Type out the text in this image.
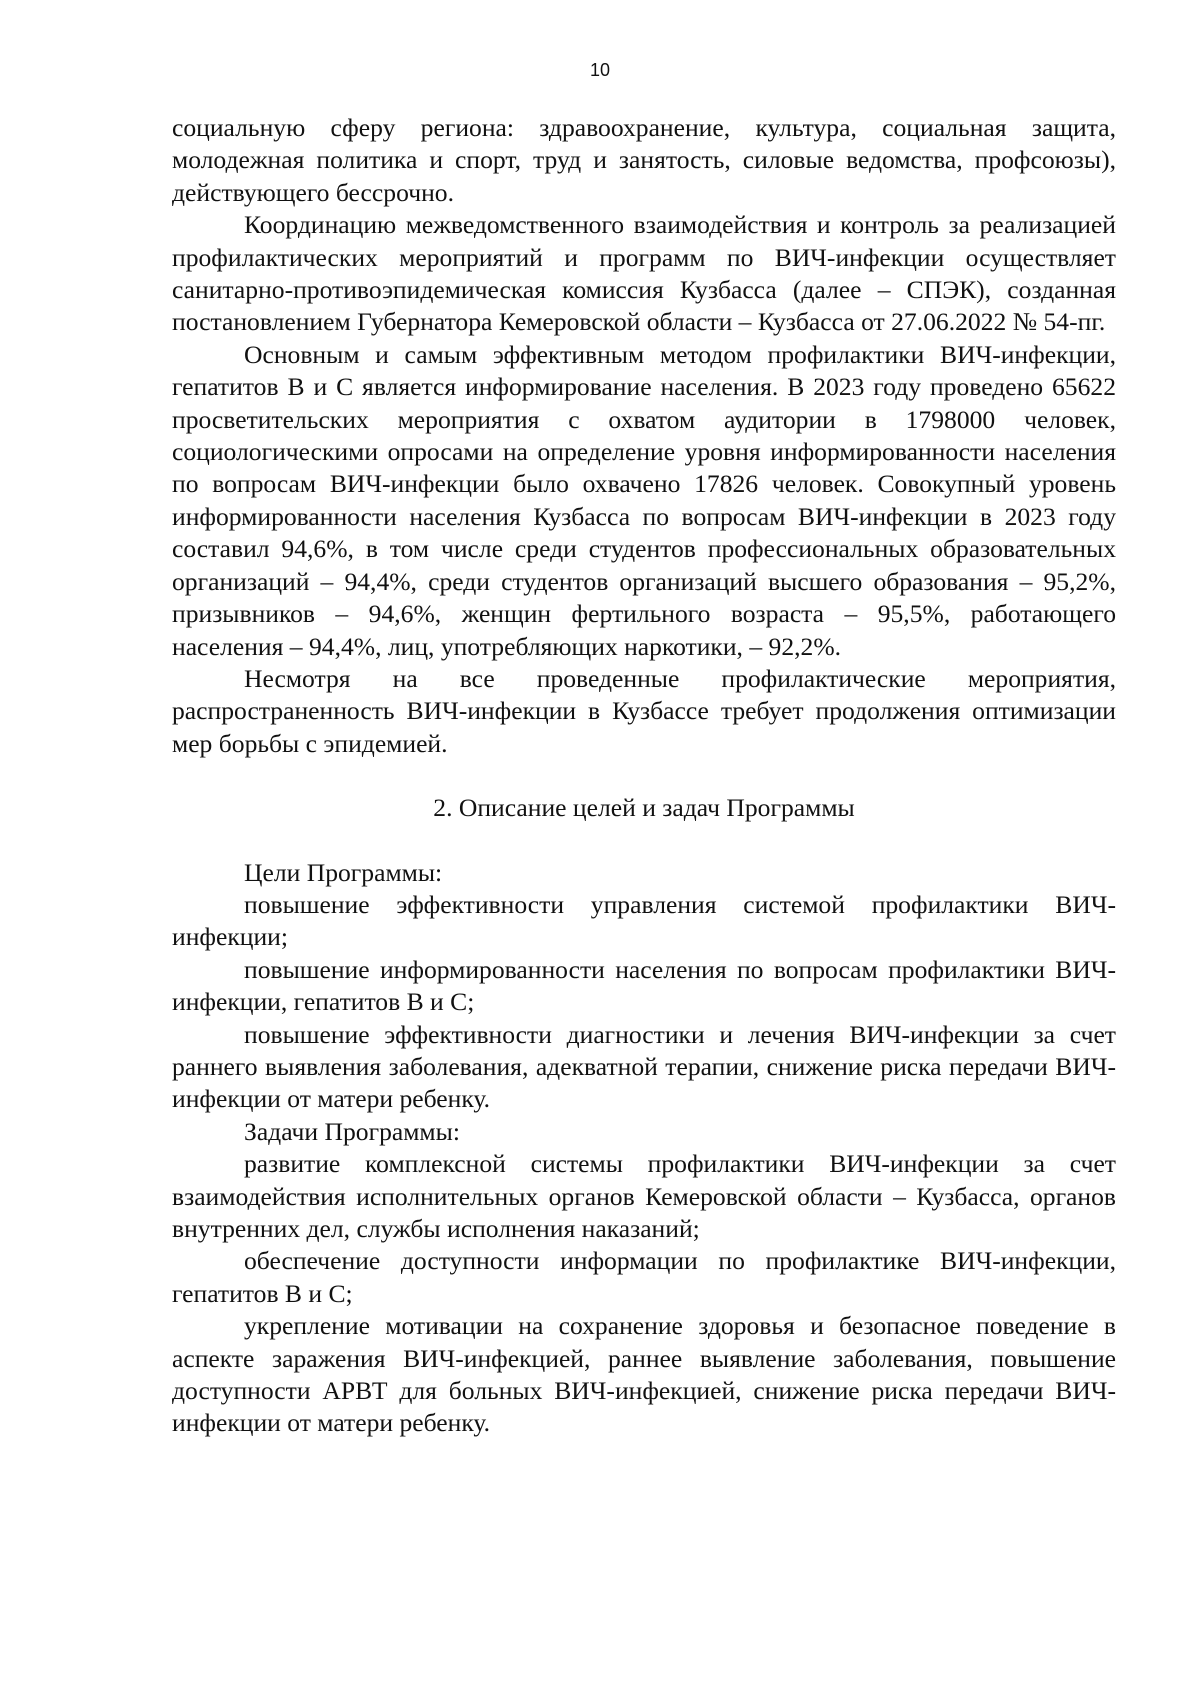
10

социальную сферу региона: здравоохранение, культура, социальная защита, молодежная политика и спорт, труд и занятость, силовые ведомства, профсоюзы), действующего бессрочно.

Координацию межведомственного взаимодействия и контроль за реализацией профилактических мероприятий и программ по ВИЧ-инфекции осуществляет санитарно-противоэпидемическая комиссия Кузбасса (далее – СПЭК), созданная постановлением Губернатора Кемеровской области – Кузбасса от 27.06.2022 № 54-пг.

Основным и самым эффективным методом профилактики ВИЧ-инфекции, гепатитов B и C является информирование населения. В 2023 году проведено 65622 просветительских мероприятия с охватом аудитории в 1798000 человек, социологическими опросами на определение уровня информированности населения по вопросам ВИЧ-инфекции было охвачено 17826 человек. Совокупный уровень информированности населения Кузбасса по вопросам ВИЧ-инфекции в 2023 году составил 94,6%, в том числе среди студентов профессиональных образовательных организаций – 94,4%, среди студентов организаций высшего образования – 95,2%, призывников – 94,6%, женщин фертильного возраста – 95,5%, работающего населения – 94,4%, лиц, употребляющих наркотики, – 92,2%.

Несмотря на все проведенные профилактические мероприятия, распространенность ВИЧ-инфекции в Кузбассе требует продолжения оптимизации мер борьбы с эпидемией.

2. Описание целей и задач Программы

Цели Программы:

повышение эффективности управления системой профилактики ВИЧ-инфекции;

повышение информированности населения по вопросам профилактики ВИЧ-инфекции, гепатитов B и C;

повышение эффективности диагностики и лечения ВИЧ-инфекции за счет раннего выявления заболевания, адекватной терапии, снижение риска передачи ВИЧ-инфекции от матери ребенку.

Задачи Программы:

развитие комплексной системы профилактики ВИЧ-инфекции за счет взаимодействия исполнительных органов Кемеровской области – Кузбасса, органов внутренних дел, службы исполнения наказаний;

обеспечение доступности информации по профилактике ВИЧ-инфекции, гепатитов B и C;

укрепление мотивации на сохранение здоровья и безопасное поведение в аспекте заражения ВИЧ-инфекцией, раннее выявление заболевания, повышение доступности АРВТ для больных ВИЧ-инфекцией, снижение риска передачи ВИЧ-инфекции от матери ребенку.
